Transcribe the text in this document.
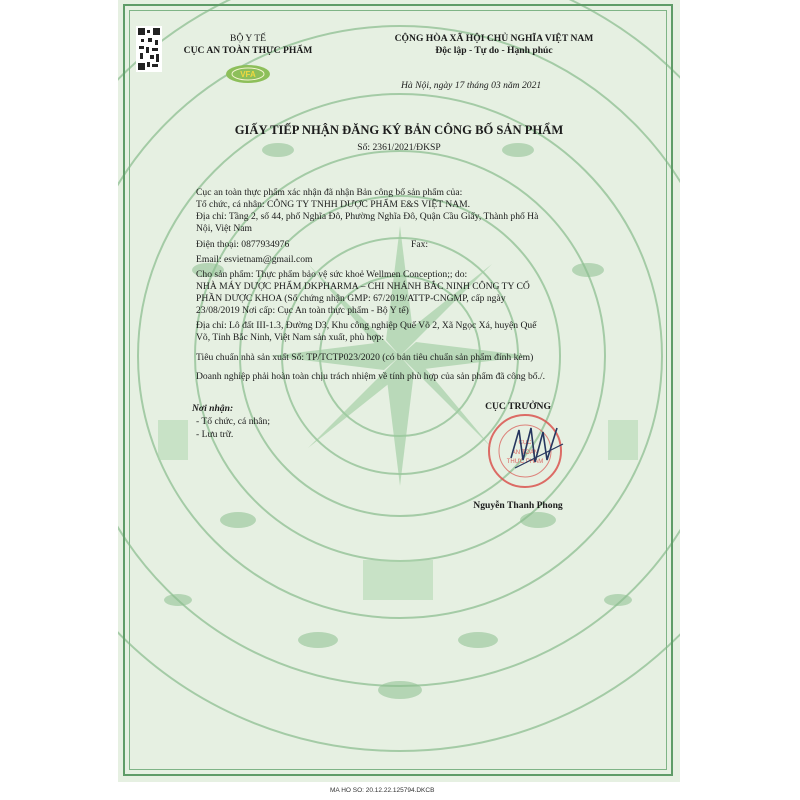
BỘ Y TẾ
CỤC AN TOÀN THỰC PHẨM
VFA
CỘNG HÒA XÃ HỘI CHỦ NGHĨA VIỆT NAM
Độc lập - Tự do - Hạnh phúc
Hà Nội, ngày 17 tháng 03 năm 2021
GIẤY TIẾP NHẬN ĐĂNG KÝ BẢN CÔNG BỐ SẢN PHẨM
Số: 2361/2021/ĐKSP
Cục an toàn thực phẩm xác nhận đã nhận Bản công bố sản phẩm của:
Tổ chức, cá nhân: CÔNG TY TNHH DƯỢC PHẨM E&S VIỆT NAM.
Địa chỉ: Tầng 2, số 44, phố Nghĩa Đô, Phường Nghĩa Đô, Quận Cầu Giấy, Thành phố Hà
Nội, Việt Nam
Điện thoại: 0877934976	Fax:
Email: esvietnam@gmail.com
Cho sản phẩm: Thực phẩm bảo vệ sức khoẻ Wellmen Conception;; do:
NHÀ MÁY DƯỢC PHẨM DKPHARMA – CHI NHÁNH BẮC NINH CÔNG TY CỔ
PHẦN DƯỢC KHOA (Số chứng nhận GMP: 67/2019/ATTP-CNGMP, cấp ngày
23/08/2019 Nơi cấp: Cục An toàn thực phẩm - Bộ Y tế)
Địa chỉ: Lô đất III-1.3, Đường D3, Khu công nghiệp Quế Võ 2, Xã Ngọc Xá, huyện Quế
Võ, Tỉnh Bắc Ninh, Việt Nam sản xuất, phù hợp:
Tiêu chuẩn nhà sản xuất Số: TP/TCTP023/2020 (có bản tiêu chuẩn sản phẩm đính kèm)
Doanh nghiệp phải hoàn toàn chịu trách nhiệm về tính phù hợp của sản phẩm đã công bố./.
Nơi nhận:
- Tổ chức, cá nhân;
- Lưu trữ.
CỤC TRƯỞNG
CỤC
AN TOÀN
THỰC PHẨM
Nguyễn Thanh Phong
MA HO SO: 20.12.22.125794.DKCB
